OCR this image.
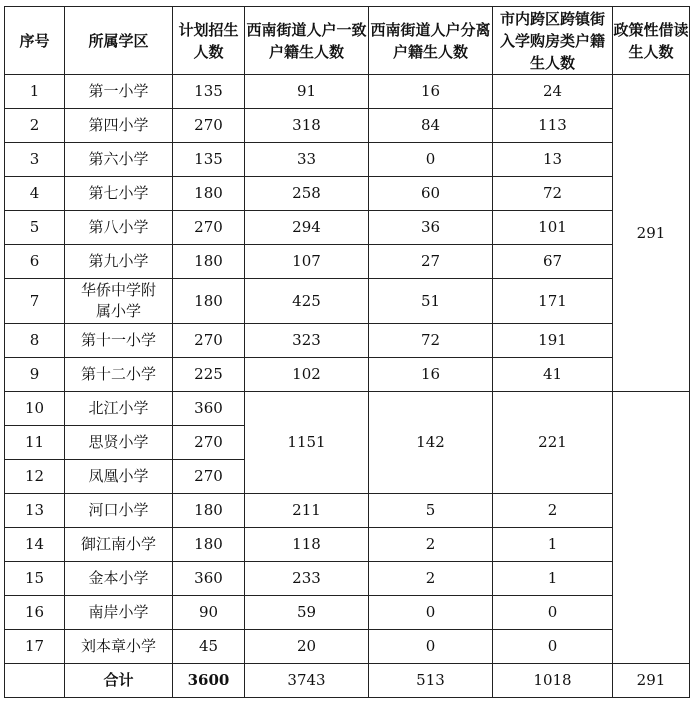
序号	所属学区	计划招生人数	西南街道人户一致户籍生人数	西南街道人户分离户籍生人数	市内跨区跨镇街入学购房类户籍生人数	政策性借读生人数
1	第一小学	135	91	16	24	291
2	第四小学	270	318	84	113	
3	第六小学	135	33	0	13	
4	第七小学	180	258	60	72	
5	第八小学	270	294	36	101	
6	第九小学	180	107	27	67	
7	华侨中学附属小学	180	425	51	171	
8	第十一小学	270	323	72	191	
9	第十二小学	225	102	16	41	
10	北江小学	360	1151	142	221	
11	思贤小学	270				
12	凤凰小学	270				
13	河口小学	180	211	5	2	
14	御江南小学	180	118	2	1	
15	金本小学	360	233	2	1	
16	南岸小学	90	59	0	0	
17	刘本章小学	45	20	0	0	
	合计	3600	3743	513	1018	291
